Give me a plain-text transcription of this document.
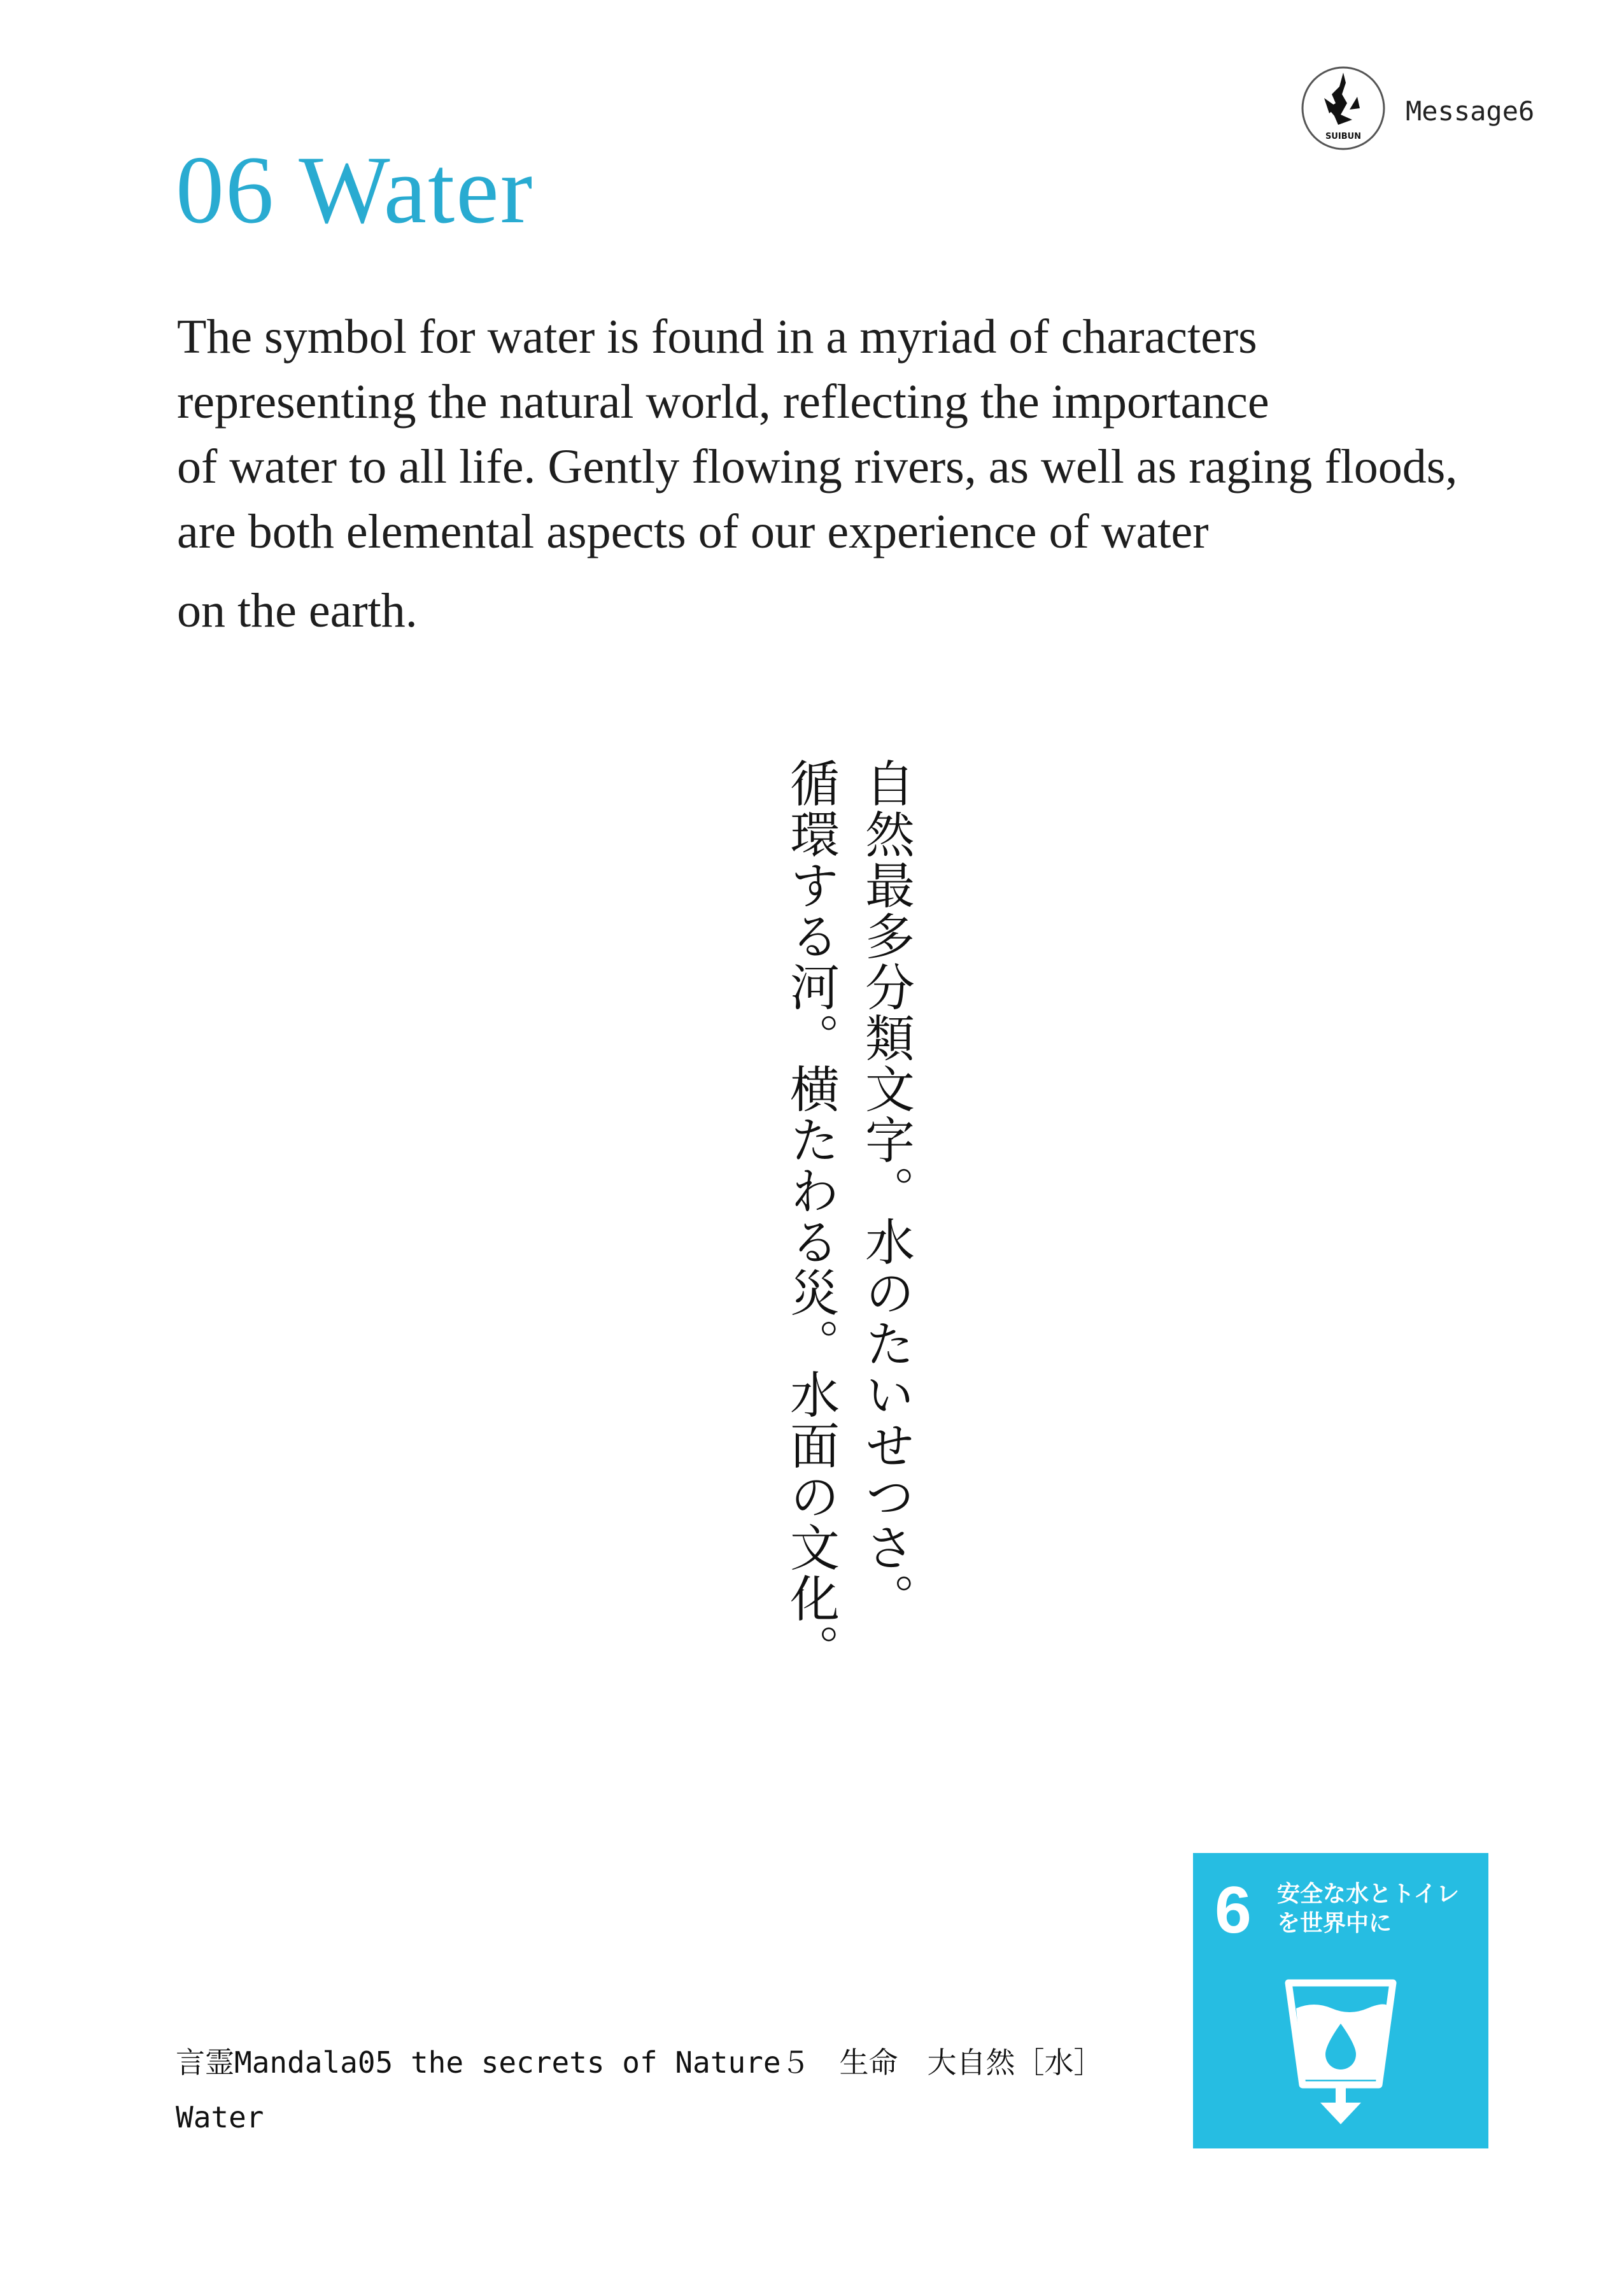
SUIBUN
Message6
06 Water
The symbol for water is found in a myriad of characters
representing the natural world, reflecting the importance
of water to all life. Gently flowing rivers, as well as raging floods,
are both elemental aspects of our experience of water
on the earth.
自然最多分類文字。水のたいせつさ。
循環する河。横たわる災。水面の文化。
言霊Mandala05 the secrets of Nature５　生命　大自然［水］
Water
6 安全な水とトイレ
を世界中に
